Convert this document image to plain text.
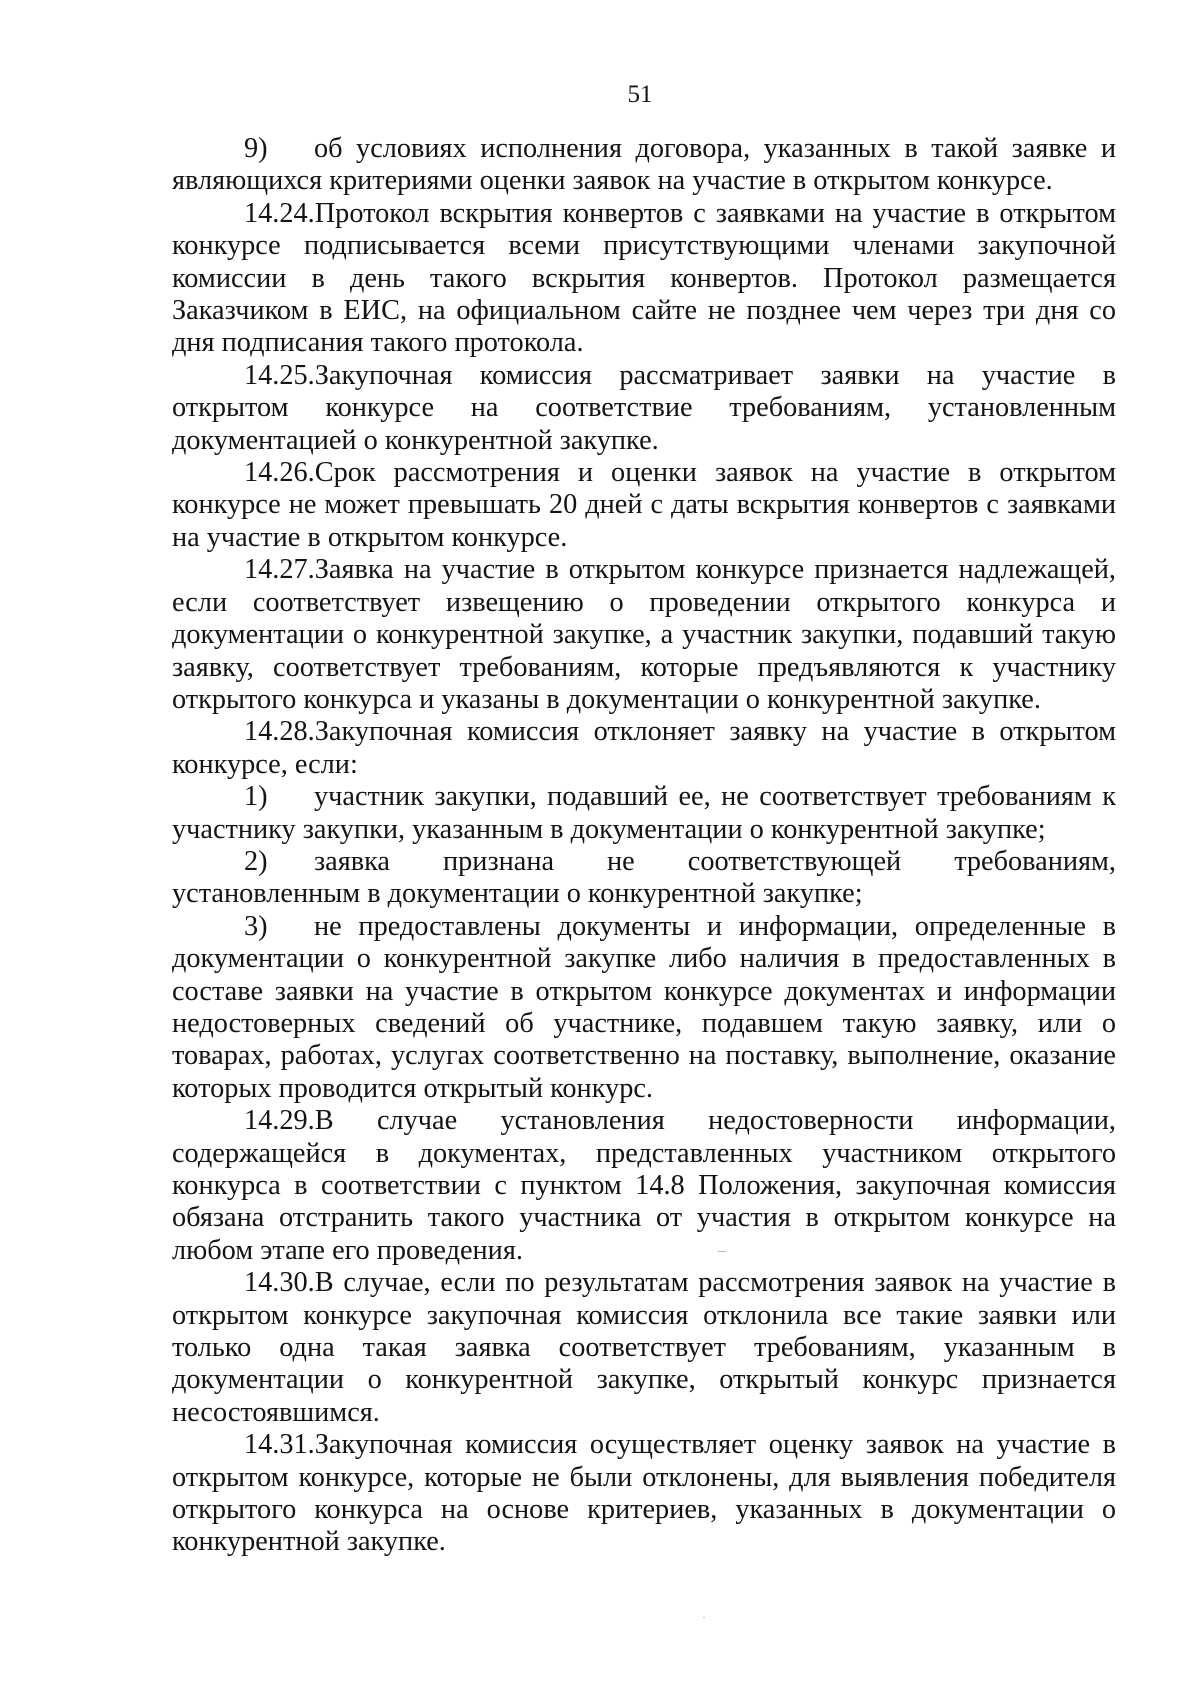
51

9) об условиях исполнения договора, указанных в такой заявке и являющихся критериями оценки заявок на участие в открытом конкурсе.

14.24.Протокол вскрытия конвертов с заявками на участие в открытом конкурсе подписывается всеми присутствующими членами закупочной комиссии в день такого вскрытия конвертов. Протокол размещается Заказчиком в ЕИС, на официальном сайте не позднее чем через три дня со дня подписания такого протокола.

14.25.Закупочная комиссия рассматривает заявки на участие в открытом конкурсе на соответствие требованиям, установленным документацией о конкурентной закупке.

14.26.Срок рассмотрения и оценки заявок на участие в открытом конкурсе не может превышать 20 дней с даты вскрытия конвертов с заявками на участие в открытом конкурсе.

14.27.Заявка на участие в открытом конкурсе признается надлежащей, если соответствует извещению о проведении открытого конкурса и документации о конкурентной закупке, а участник закупки, подавший такую заявку, соответствует требованиям, которые предъявляются к участнику открытого конкурса и указаны в документации о конкурентной закупке.

14.28.Закупочная комиссия отклоняет заявку на участие в открытом конкурсе, если:

1) участник закупки, подавший ее, не соответствует требованиям к участнику закупки, указанным в документации о конкурентной закупке;

2) заявка признана не соответствующей требованиям, установленным в документации о конкурентной закупке;

3) не предоставлены документы и информации, определенные в документации о конкурентной закупке либо наличия в предоставленных в составе заявки на участие в открытом конкурсе документах и информации недостоверных сведений об участнике, подавшем такую заявку, или о товарах, работах, услугах соответственно на поставку, выполнение, оказание которых проводится открытый конкурс.

14.29.В случае установления недостоверности информации, содержащейся в документах, представленных участником открытого конкурса в соответствии с пунктом 14.8 Положения, закупочная комиссия обязана отстранить такого участника от участия в открытом конкурсе на любом этапе его проведения.

14.30.В случае, если по результатам рассмотрения заявок на участие в открытом конкурсе закупочная комиссия отклонила все такие заявки или только одна такая заявка соответствует требованиям, указанным в документации о конкурентной закупке, открытый конкурс признается несостоявшимся.

14.31.Закупочная комиссия осуществляет оценку заявок на участие в открытом конкурсе, которые не были отклонены, для выявления победителя открытого конкурса на основе критериев, указанных в документации о конкурентной закупке.
